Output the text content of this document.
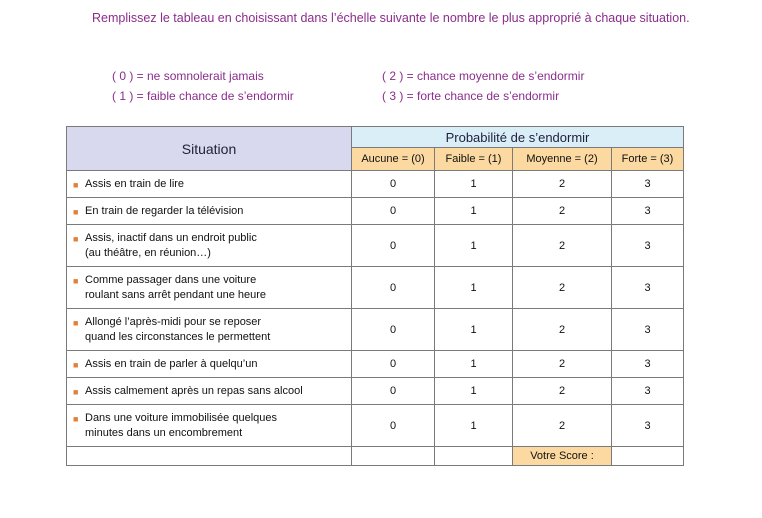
Remplissez le tableau en choisissant dans l’échelle suivante le nombre le plus approprié à chaque situation.

( 0 ) = ne somnolerait jamais
( 1 ) = faible chance de s’endormir
( 2 ) = chance moyenne de s’endormir
( 3 ) = forte chance de s’endormir
Situation	Probabilité de s’endormir			
	Aucune = (0)	Faible = (1)	Moyenne = (2)	Forte = (3)
■ Assis en train de lire	0	1	2	3
■ En train de regarder la télévision	0	1	2	3
■ Assis, inactif dans un endroit public
(au théâtre, en réunion…)	0	1	2	3
■ Comme passager dans une voiture
roulant sans arrêt pendant une heure	0	1	2	3
■ Allongé l’après-midi pour se reposer
quand les circonstances le permettent	0	1	2	3
■ Assis en train de parler à quelqu’un	0	1	2	3
■ Assis calmement après un repas sans alcool	0	1	2	3
■ Dans une voiture immobilisée quelques
minutes dans un encombrement	0	1	2	3
			Votre Score :	
